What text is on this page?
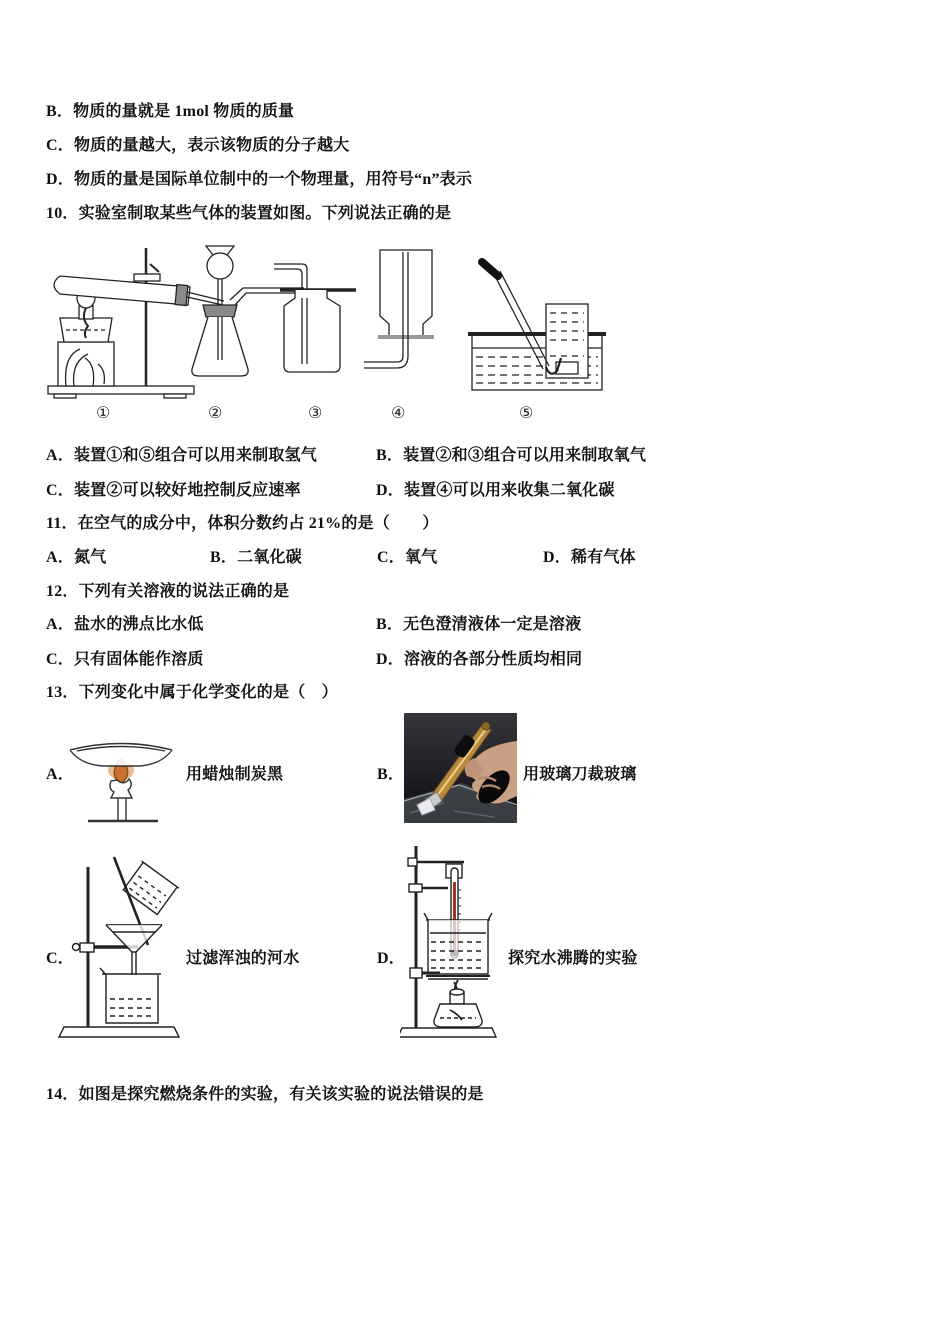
B．物质的量就是 1mol 物质的质量
C．物质的量越大，表示该物质的分子越大
D．物质的量是国际单位制中的一个物理量，用符号“n”表示
10．实验室制取某些气体的装置如图。下列说法正确的是
①	②	③	④	⑤
A．装置①和⑤组合可以用来制取氢气	B．装置②和③组合可以用来制取氧气
C．装置②可以较好地控制反应速率	D．装置④可以用来收集二氧化碳
11．在空气的成分中，体积分数约占 21%的是（　　）
A．氮气	B．二氧化碳	C．氧气	D．稀有气体
12．下列有关溶液的说法正确的是
A．盐水的沸点比水低	B．无色澄清液体一定是溶液
C．只有固体能作溶质	D．溶液的各部分性质均相同
13．下列变化中属于化学变化的是（　）
A．	用蜡烛制炭黑	B．	用玻璃刀裁玻璃
C．	过滤浑浊的河水	D．	探究水沸腾的实验
14．如图是探究燃烧条件的实验，有关该实验的说法错误的是
